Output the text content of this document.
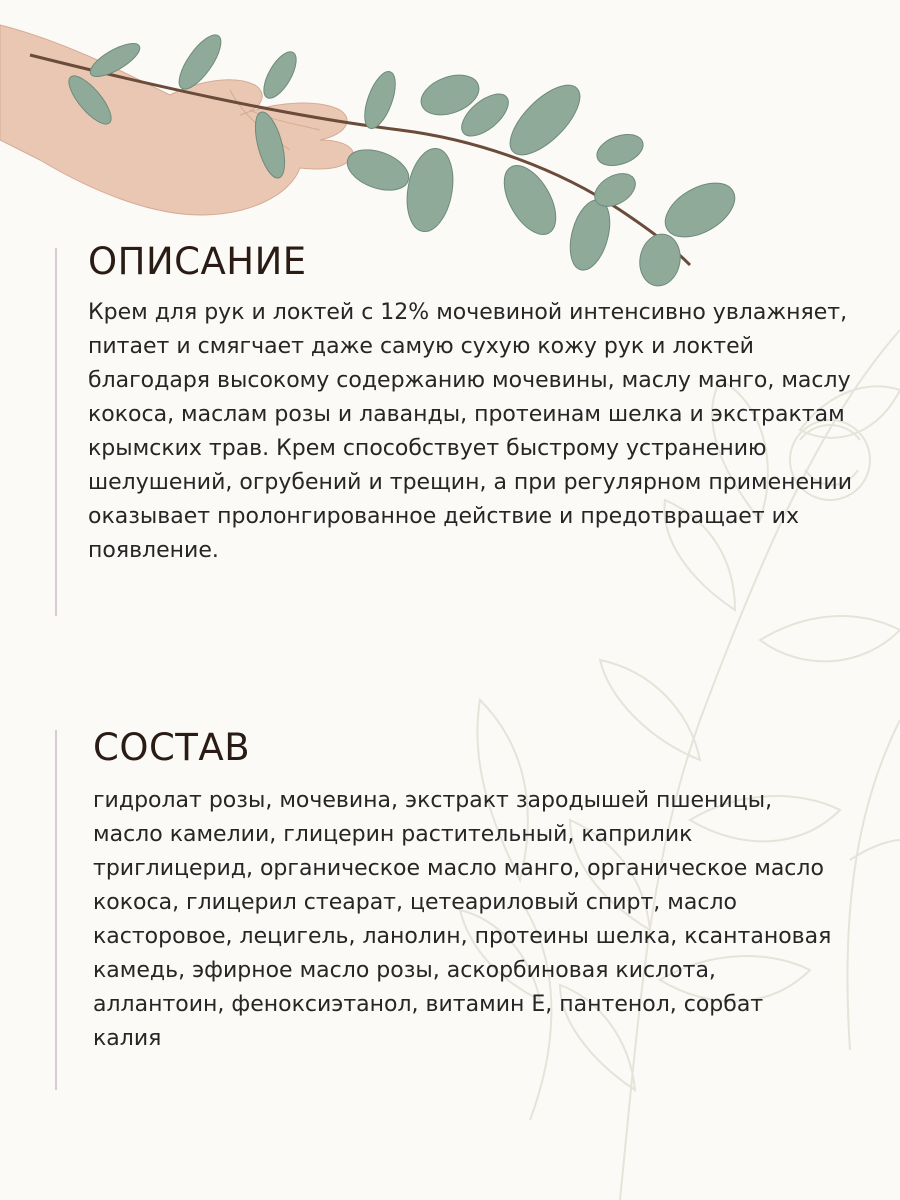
ОПИСАНИЕ

Крем для рук и локтей с 12% мочевиной интенсивно увлажняет, питает и смягчает даже самую сухую кожу рук и локтей благодаря высокому содержанию мочевины, маслу манго, маслу кокоса, маслам розы и лаванды, протеинам шелка и экстрактам крымских трав. Крем способствует быстрому устранению шелушений, огрубений и трещин, а при регулярном применении оказывает пролонгированное действие и предотвращает их появление.

СОСТАВ

гидролат розы, мочевина, экстракт зародышей пшеницы, масло камелии, глицерин растительный, каприлик триглицерид, органическое масло манго, органическое масло кокоса, глицерил стеарат, цетеариловый спирт, масло касторовое, лецигель, ланолин, протеины шелка, ксантановая камедь, эфирное масло розы, аскорбиновая кислота, аллантоин, феноксиэтанол, витамин Е, пантенол, сорбат калия
